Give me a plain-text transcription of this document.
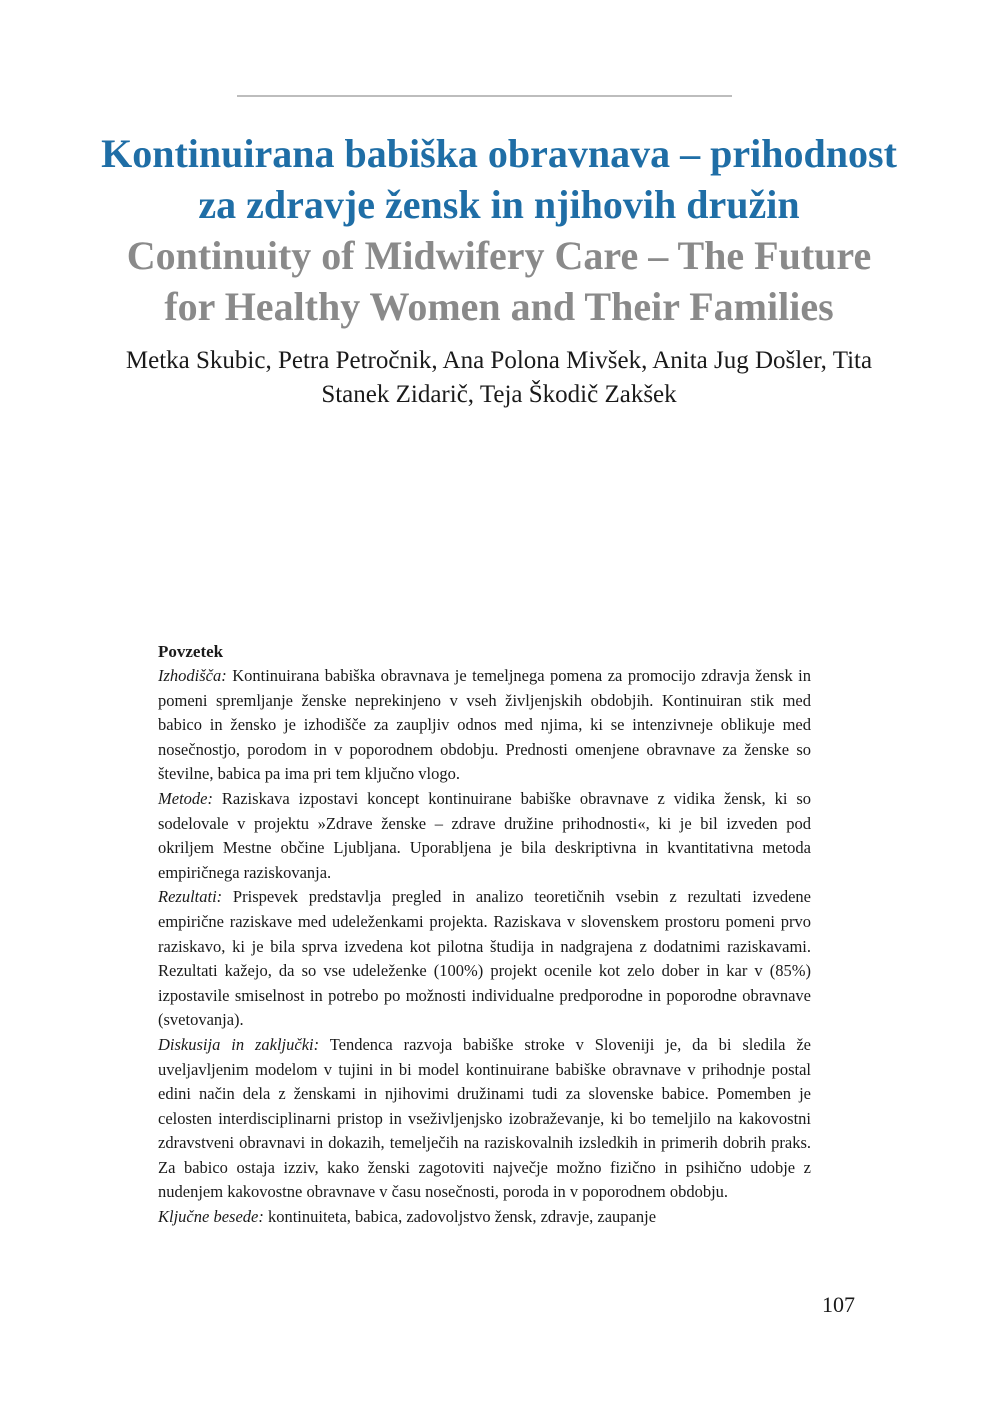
Kontinuirana babiška obravnava – prihodnost za zdravje žensk in njihovih družin
Continuity of Midwifery Care – The Future for Healthy Women and Their Families

Metka Skubic, Petra Petročnik, Ana Polona Mivšek, Anita Jug Došler, Tita Stanek Zidarič, Teja Škodič Zakšek

Povzetek

Izhodišča: Kontinuirana babiška obravnava je temeljnega pomena za promocijo zdravja žensk in pomeni spremljanje ženske neprekinjeno v vseh življenjskih obdobjih. Kontinuiran stik med babico in žensko je izhodišče za zaupljiv odnos med njima, ki se intenzivneje oblikuje med nosečnostjo, porodom in v poporodnem obdobju. Prednosti omenjene obravnave za ženske so številne, babica pa ima pri tem ključno vlogo.

Metode: Raziskava izpostavi koncept kontinuirane babiške obravnave z vidika žensk, ki so sodelovale v projektu »Zdrave ženske – zdrave družine prihodnosti«, ki je bil izveden pod okriljem Mestne občine Ljubljana. Uporabljena je bila deskriptivna in kvantitativna metoda empiričnega raziskovanja.

Rezultati: Prispevek predstavlja pregled in analizo teoretičnih vsebin z rezultati izvedene empirične raziskave med udeleženkami projekta. Raziskava v slovenskem prostoru pomeni prvo raziskavo, ki je bila sprva izvedena kot pilotna študija in nadgrajena z dodatnimi raziskavami. Rezultati kažejo, da so vse udeleženke (100%) projekt ocenile kot zelo dober in kar v (85%) izpostavile smiselnost in potrebo po možnosti individualne predporodne in poporodne obravnave (svetovanja).

Diskusija in zaključki: Tendenca razvoja babiške stroke v Sloveniji je, da bi sledila že uveljavljenim modelom v tujini in bi model kontinuirane babiške obravnave v prihodnje postal edini način dela z ženskami in njihovimi družinami tudi za slovenske babice. Pomemben je celosten interdisciplinarni pristop in vseživljenjsko izobraževanje, ki bo temeljilo na kakovostni zdravstveni obravnavi in dokazih, temelječih na raziskovalnih izsledkih in primerih dobrih praks. Za babico ostaja izziv, kako ženski zagotoviti največje možno fizično in psihično udobje z nudenjem kakovostne obravnave v času nosečnosti, poroda in v poporodnem obdobju.

Ključne besede: kontinuiteta, babica, zadovoljstvo žensk, zdravje, zaupanje

107
